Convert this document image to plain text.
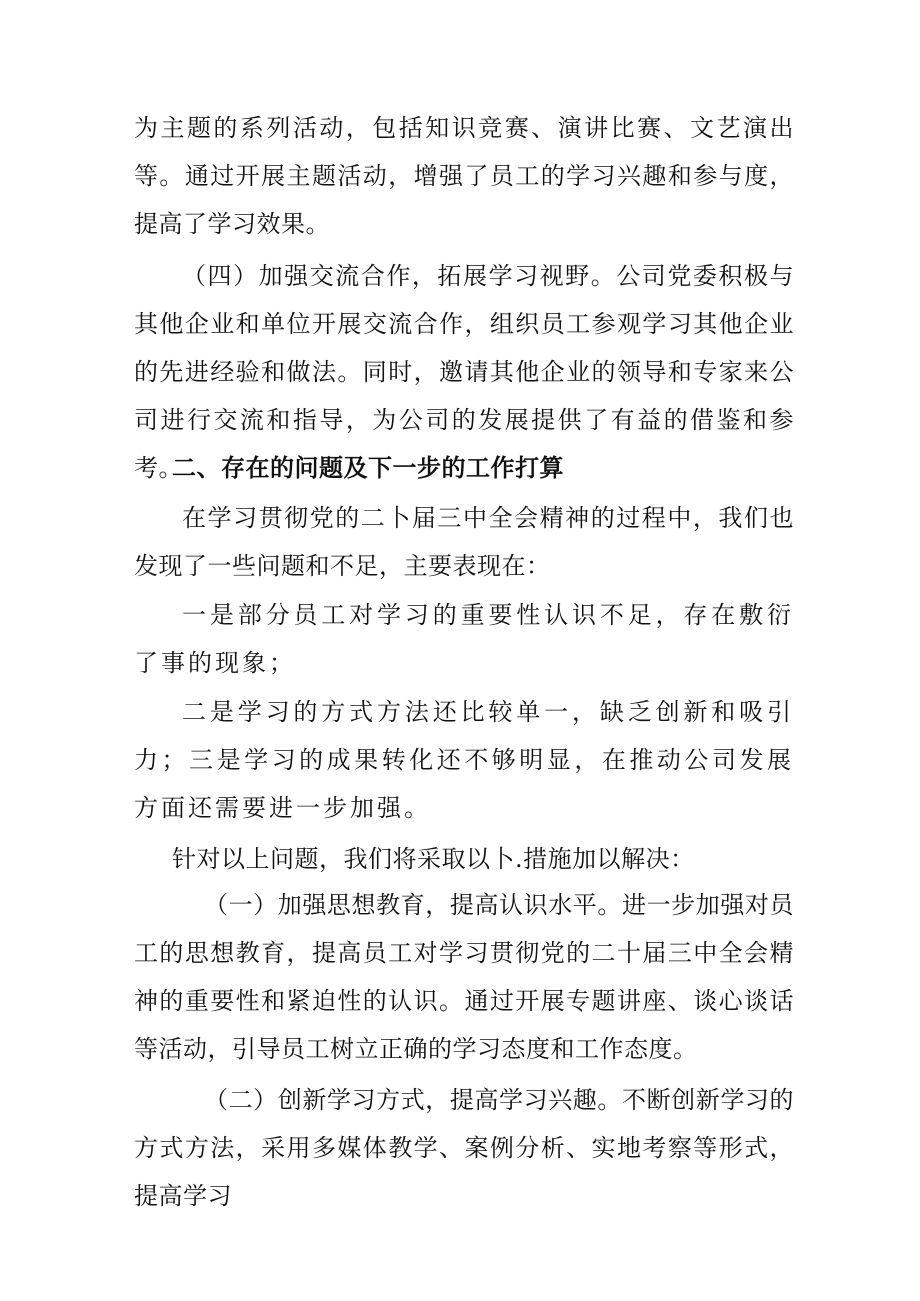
为主题的系列活动，包括知识竞赛、演讲比赛、文艺演出等。通过开展主题活动，增强了员工的学习兴趣和参与度，提高了学习效果。

（四）加强交流合作，拓展学习视野。公司党委积极与其他企业和单位开展交流合作，组织员工参观学习其他企业的先进经验和做法。同时，邀请其他企业的领导和专家来公司进行交流和指导，为公司的发展提供了有益的借鉴和参考。

二、存在的问题及下一步的工作打算

在学习贯彻党的二卜届三中全会精神的过程中，我们也发现了一些问题和不足，主要表现在：

一是部分员工对学习的重要性认识不足，存在敷衍了事的现象；

二是学习的方式方法还比较单一，缺乏创新和吸引力；三是学习的成果转化还不够明显，在推动公司发展方面还需要进一步加强。

针对以上问题，我们将采取以卜.措施加以解决：

（一）加强思想教育，提高认识水平。进一步加强对员工的思想教育，提高员工对学习贯彻党的二十届三中全会精神的重要性和紧迫性的认识。通过开展专题讲座、谈心谈话等活动，引导员工树立正确的学习态度和工作态度。

（二）创新学习方式，提高学习兴趣。不断创新学习的方式方法，采用多媒体教学、案例分析、实地考察等形式，提高学习
